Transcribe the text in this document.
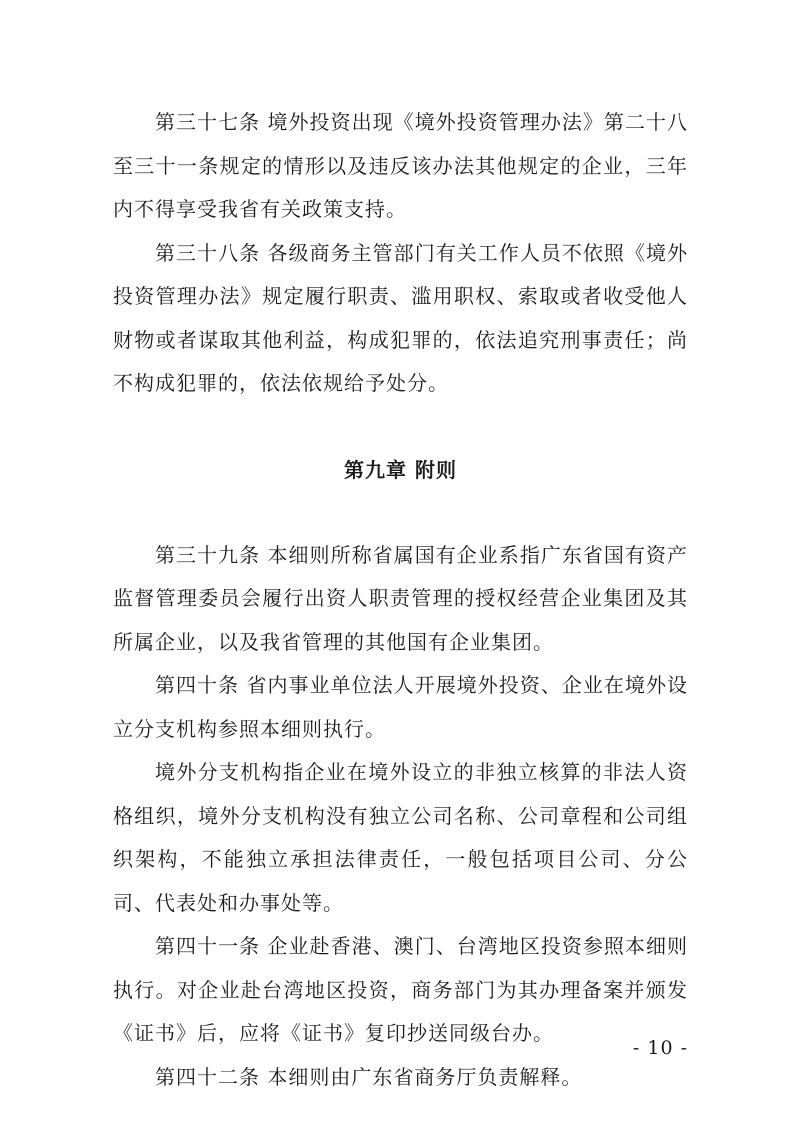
第三十七条 境外投资出现《境外投资管理办法》第二十八至三十一条规定的情形以及违反该办法其他规定的企业，三年内不得享受我省有关政策支持。

第三十八条 各级商务主管部门有关工作人员不依照《境外投资管理办法》规定履行职责、滥用职权、索取或者收受他人财物或者谋取其他利益，构成犯罪的，依法追究刑事责任；尚不构成犯罪的，依法依规给予处分。

第九章 附则

第三十九条 本细则所称省属国有企业系指广东省国有资产监督管理委员会履行出资人职责管理的授权经营企业集团及其所属企业，以及我省管理的其他国有企业集团。

第四十条 省内事业单位法人开展境外投资、企业在境外设立分支机构参照本细则执行。

境外分支机构指企业在境外设立的非独立核算的非法人资格组织，境外分支机构没有独立公司名称、公司章程和公司组织架构，不能独立承担法律责任，一般包括项目公司、分公司、代表处和办事处等。

第四十一条 企业赴香港、澳门、台湾地区投资参照本细则执行。对企业赴台湾地区投资，商务部门为其办理备案并颁发《证书》后，应将《证书》复印抄送同级台办。

第四十二条 本细则由广东省商务厅负责解释。

- 10 -
